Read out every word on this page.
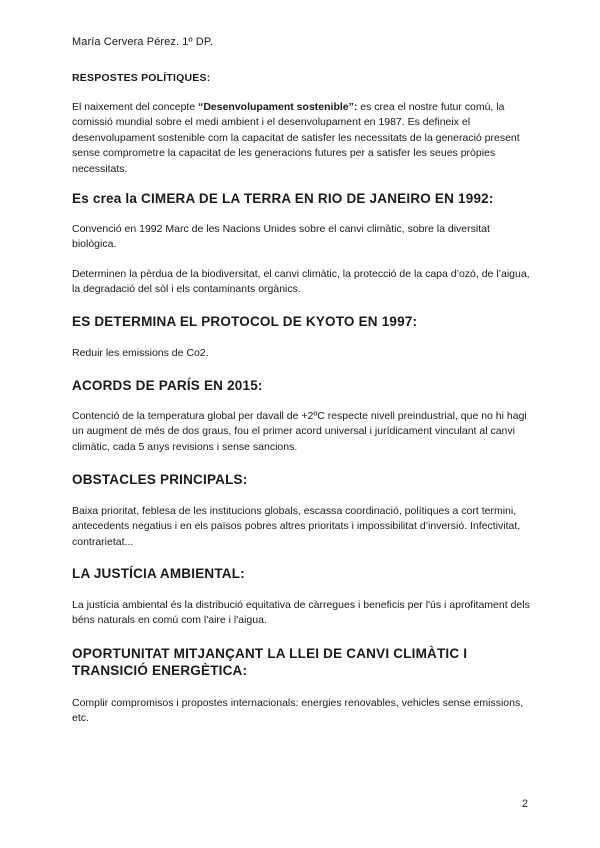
María Cervera Pérez. 1º DP.
RESPOSTES POLÍTIQUES:
El naixement del concepte “Desenvolupament sostenible”: es crea el nostre futur comú, la comissió mundial sobre el medi ambient i el desenvolupament en 1987. Es defineix el desenvolupament sostenible com la capacitat de satisfer les necessitats de la generació present sense comprometre la capacitat de les generacions futures per a satisfer les seues pròpies necessitats.
Es crea la CIMERA DE LA TERRA EN RIO DE JANEIRO EN 1992:
Convenció en 1992 Marc de les Nacions Unides sobre el canvi climàtic, sobre la diversitat biològica.
Determinen la pèrdua de la biodiversitat, el canvi climàtic, la protecció de la capa d’ozó, de l’aigua, la degradació del sòl i els contaminants orgànics.
ES DETERMINA EL PROTOCOL DE KYOTO EN 1997:
Reduir les emissions de Co2.
ACORDS DE PARÍS EN 2015:
Contenció de la temperatura global per davall de +2ºC respecte nivell preindustrial, que no hi hagi un augment de més de dos graus, fou el primer acord universal i jurídicament vinculant al canvi climàtic, cada 5 anys revisions i sense sancions.
OBSTACLES PRINCIPALS:
Baixa prioritat, feblesa de les institucions globals, escassa coordinació, polítiques a cort termini, antecedents negatius i en els països pobres altres prioritats i impossibilitat d’inversió. Infectivitat, contrarietat...
LA JUSTÍCIA AMBIENTAL:
La justícia ambiental és la distribució equitativa de càrregues i beneficis per l'ús i aprofitament dels béns naturals en comú com l'aire i l'aigua.
OPORTUNITAT MITJANÇANT LA LLEI DE CANVI CLIMÀTIC I TRANSICIÓ ENERGÈTICA:
Complir compromisos i propostes internacionals: energies renovables, vehicles sense emissions, etc.
2
